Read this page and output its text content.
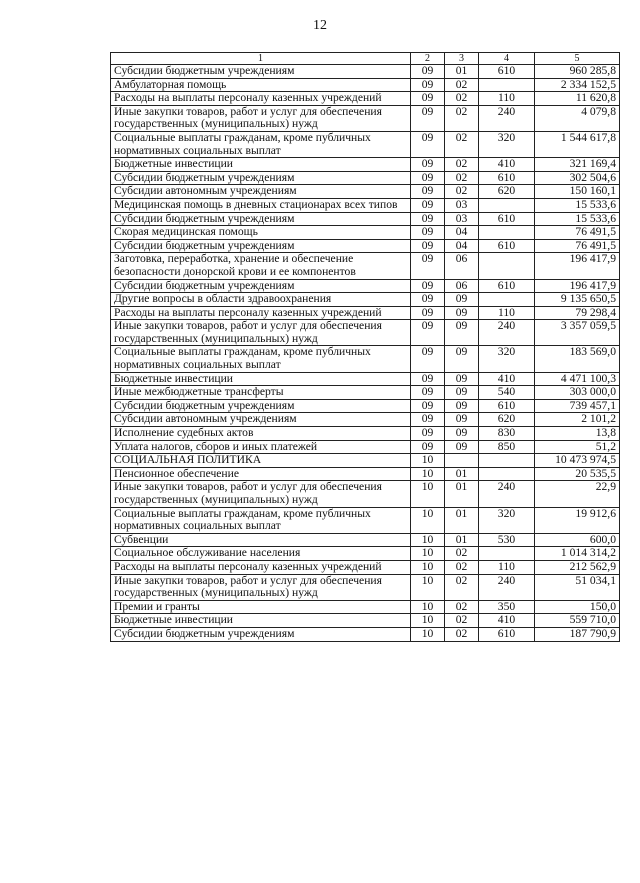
12
1	2	3	4	5
Субсидии бюджетным учреждениям	09	01	610	960 285,8
Амбулаторная помощь	09	02		2 334 152,5
Расходы на выплаты персоналу казенных учреждений	09	02	110	11 620,8
Иные закупки товаров, работ и услуг для обеспечения государственных (муниципальных) нужд	09	02	240	4 079,8
Социальные выплаты гражданам, кроме публичных нормативных социальных выплат	09	02	320	1 544 617,8
Бюджетные инвестиции	09	02	410	321 169,4
Субсидии бюджетным учреждениям	09	02	610	302 504,6
Субсидии автономным учреждениям	09	02	620	150 160,1
Медицинская помощь в дневных стационарах всех типов	09	03		15 533,6
Субсидии бюджетным учреждениям	09	03	610	15 533,6
Скорая медицинская помощь	09	04		76 491,5
Субсидии бюджетным учреждениям	09	04	610	76 491,5
Заготовка, переработка, хранение и обеспечение безопасности донорской крови и ее компонентов	09	06		196 417,9
Субсидии бюджетным учреждениям	09	06	610	196 417,9
Другие вопросы в области здравоохранения	09	09		9 135 650,5
Расходы на выплаты персоналу казенных учреждений	09	09	110	79 298,4
Иные закупки товаров, работ и услуг для обеспечения государственных (муниципальных) нужд	09	09	240	3 357 059,5
Социальные выплаты гражданам, кроме публичных нормативных социальных выплат	09	09	320	183 569,0
Бюджетные инвестиции	09	09	410	4 471 100,3
Иные межбюджетные трансферты	09	09	540	303 000,0
Субсидии бюджетным учреждениям	09	09	610	739 457,1
Субсидии автономным учреждениям	09	09	620	2 101,2
Исполнение судебных актов	09	09	830	13,8
Уплата налогов, сборов и иных платежей	09	09	850	51,2
СОЦИАЛЬНАЯ ПОЛИТИКА	10			10 473 974,5
Пенсионное обеспечение	10	01		20 535,5
Иные закупки товаров, работ и услуг для обеспечения государственных (муниципальных) нужд	10	01	240	22,9
Социальные выплаты гражданам, кроме публичных нормативных социальных выплат	10	01	320	19 912,6
Субвенции	10	01	530	600,0
Социальное обслуживание населения	10	02		1 014 314,2
Расходы на выплаты персоналу казенных учреждений	10	02	110	212 562,9
Иные закупки товаров, работ и услуг для обеспечения государственных (муниципальных) нужд	10	02	240	51 034,1
Премии и гранты	10	02	350	150,0
Бюджетные инвестиции	10	02	410	559 710,0
Субсидии бюджетным учреждениям	10	02	610	187 790,9
